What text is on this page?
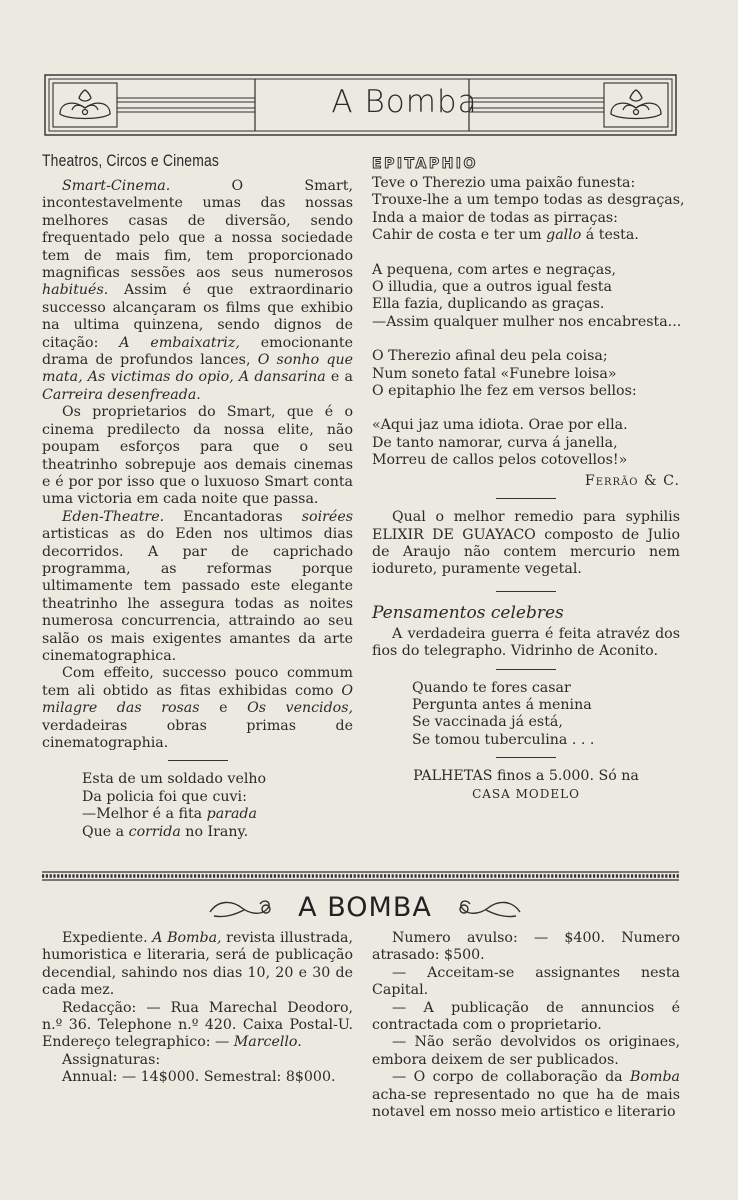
A Bomba
Theatros, Circos e Cinemas

Smart-Cinema. O Smart, incontestavelmente umas das nossas melhores casas de diversão, sendo frequentado pelo que a nossa sociedade tem de mais fim, tem proporcionado magnificas sessões aos seus numerosos habitués. Assim é que extraordinario successo alcançaram os films que exhibio na ultima quinzena, sendo dignos de citação: A embaixatriz, emocionante drama de profundos lances, O sonho que mata, As victimas do opio, A dansarina e a Carreira desenfreada.

Os proprietarios do Smart, que é o cinema predilecto da nossa elite, não poupam esforços para que o seu theatrinho sobrepuje aos demais cinemas e é por por isso que o luxuoso Smart conta uma victoria em cada noite que passa.

Eden-Theatre. Encantadoras soirées artisticas as do Eden nos ultimos dias decorridos. A par de caprichado programma, as reformas porque ultimamente tem passado este elegante theatrinho lhe assegura todas as noites numerosa concurrencia, attraindo ao seu salão os mais exigentes amantes da arte cinematographica.

Com effeito, successo pouco commum tem ali obtido as fitas exhibidas como O milagre das rosas e Os vencidos, verdadeiras obras primas de cinematographia.

Esta de um soldado velho
Da policia foi que cuvi:
—Melhor é a fita parada
Que a corrida no Irany.
EPITAPHIO
Teve o Therezio uma paixão funesta:
Trouxe-lhe a um tempo todas as desgraças,
Inda a maior de todas as pirraças:
Cahir de costa e ter um gallo á testa.
A pequena, com artes e negraças,
O illudia, que a outros igual festa
Ella fazia, duplicando as graças.
—Assim qualquer mulher nos encabresta...
O Therezio afinal deu pela coisa;
Num soneto fatal «Funebre loisa»
O epitaphio lhe fez em versos bellos:
«Aqui jaz uma idiota. Orae por ella.
De tanto namorar, curva á janella,
Morreu de callos pelos cotovellos!»
Ferrão & C.

Qual o melhor remedio para syphilis ELIXIR DE GUAYACO composto de Julio de Araujo não contem mercurio nem iodureto, puramente vegetal.

Pensamentos celebres

A verdadeira guerra é feita atravéz dos fios do telegrapho. Vidrinho de Aconito.

Quando te fores casar
Pergunta antes á menina
Se vaccinada já está,
Se tomou tuberculina . . .
PALHETAS finos a 5.000. Só na
CASA MODELO
A BOMBA

Expediente. A Bomba, revista illustrada, humoristica e literaria, será de publicação decendial, sahindo nos dias 10, 20 e 30 de cada mez.

Redacção: — Rua Marechal Deodoro, n.º 36. Telephone n.º 420. Caixa Postal-U. Endereço telegraphico: — Marcello.

Assignaturas:

Annual: — 14$000. Semestral: 8$000.

Numero avulso: — $400. Numero atrasado: $500.

— Acceitam-se assignantes nesta Capital.

— A publicação de annuncios é contractada com o proprietario.

— Não serão devolvidos os originaes, embora deixem de ser publicados.

— O corpo de collaboração da Bomba acha-se representado no que ha de mais notavel em nosso meio artistico e literario
